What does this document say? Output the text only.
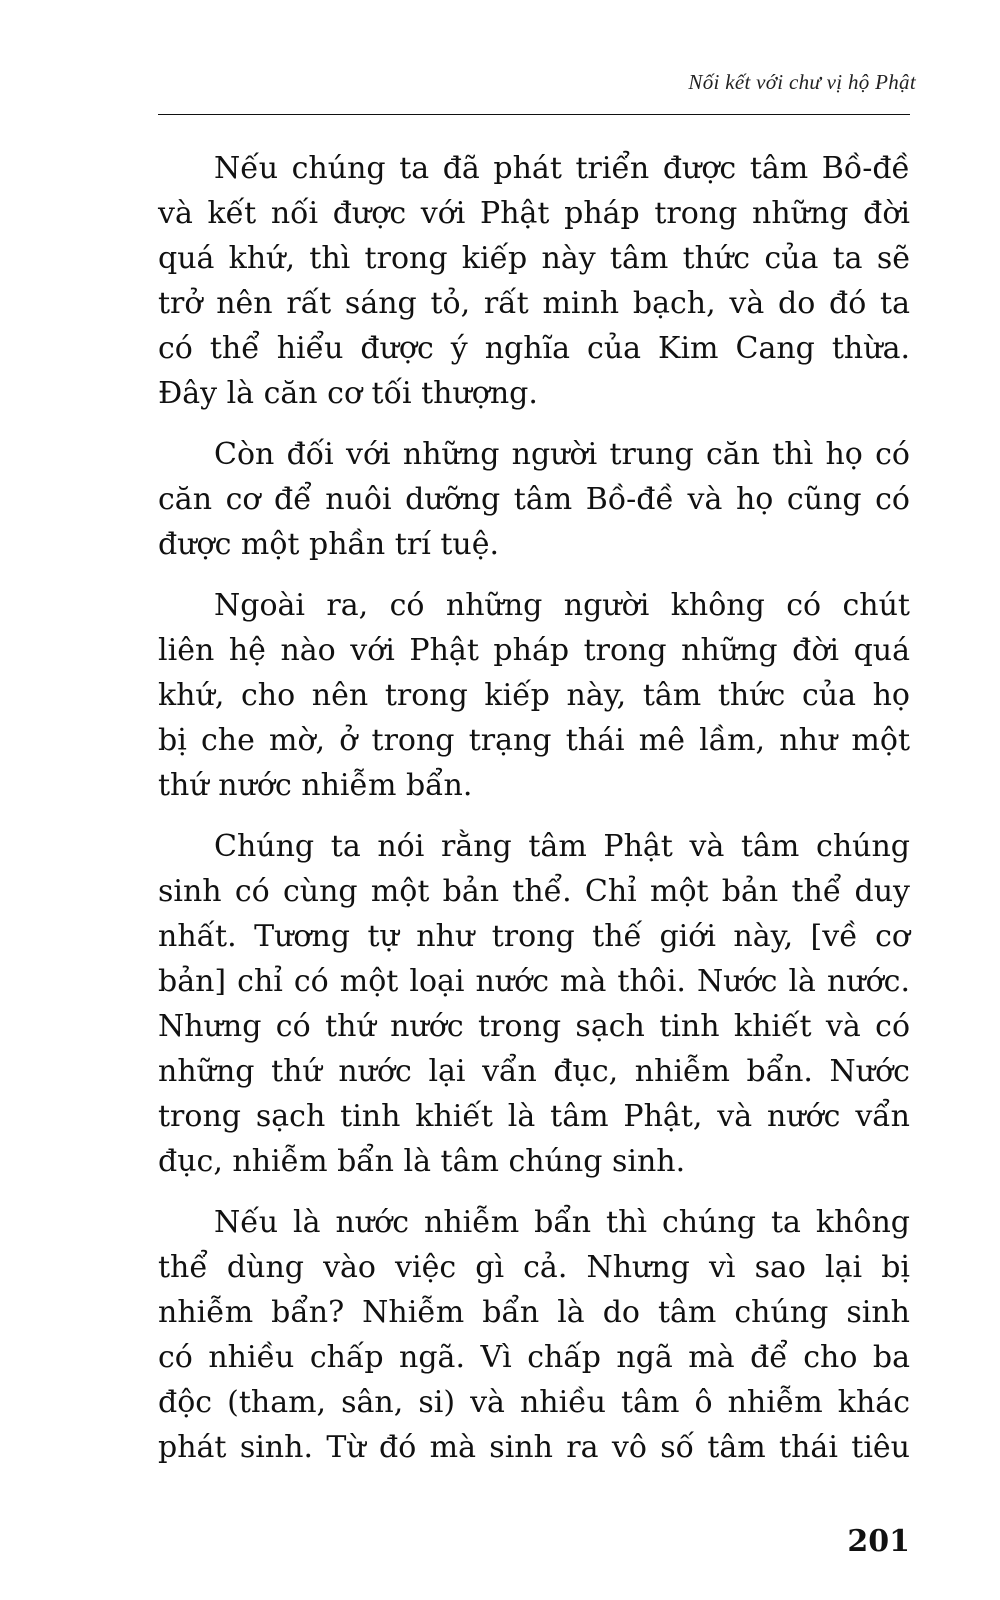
Nối kết với chư vị hộ Phật
Nếu chúng ta đã phát triển được tâm Bồ-đề
và kết nối được với Phật pháp trong những đời
quá khứ, thì trong kiếp này tâm thức của ta sẽ
trở nên rất sáng tỏ, rất minh bạch, và do đó ta
có thể hiểu được ý nghĩa của Kim Cang thừa.
Đây là căn cơ tối thượng.
Còn đối với những người trung căn thì họ có
căn cơ để nuôi dưỡng tâm Bồ-đề và họ cũng có
được một phần trí tuệ.
Ngoài ra, có những người không có chút
liên hệ nào với Phật pháp trong những đời quá
khứ, cho nên trong kiếp này, tâm thức của họ
bị che mờ, ở trong trạng thái mê lầm, như một
thứ nước nhiễm bẩn.
Chúng ta nói rằng tâm Phật và tâm chúng
sinh có cùng một bản thể. Chỉ một bản thể duy
nhất. Tương tự như trong thế giới này, [về cơ
bản] chỉ có một loại nước mà thôi. Nước là nước.
Nhưng có thứ nước trong sạch tinh khiết và có
những thứ nước lại vẩn đục, nhiễm bẩn. Nước
trong sạch tinh khiết là tâm Phật, và nước vẩn
đục, nhiễm bẩn là tâm chúng sinh.
Nếu là nước nhiễm bẩn thì chúng ta không
thể dùng vào việc gì cả. Nhưng vì sao lại bị
nhiễm bẩn? Nhiễm bẩn là do tâm chúng sinh
có nhiều chấp ngã. Vì chấp ngã mà để cho ba
độc (tham, sân, si) và nhiều tâm ô nhiễm khác
phát sinh. Từ đó mà sinh ra vô số tâm thái tiêu
201
